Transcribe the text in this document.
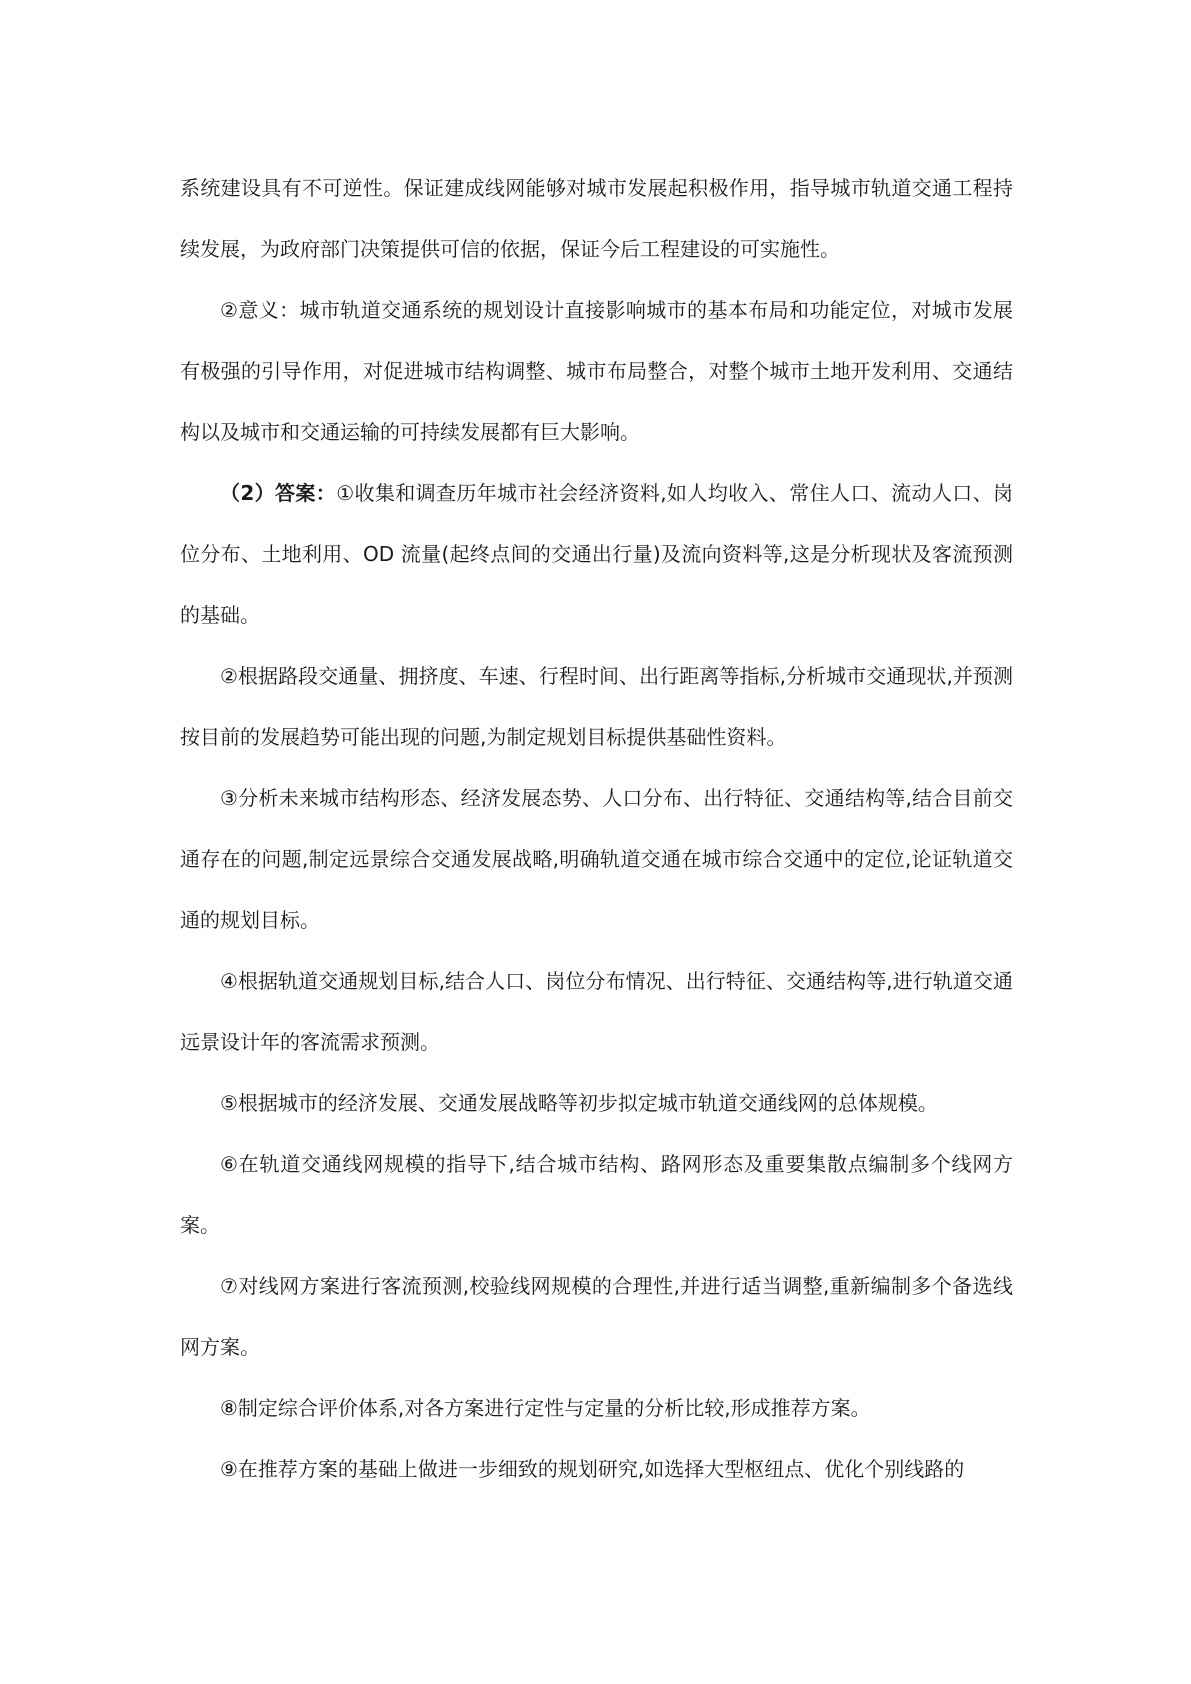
系统建设具有不可逆性。保证建成线网能够对城市发展起积极作用，指导城市轨道交通工程持续发展，为政府部门决策提供可信的依据，保证今后工程建设的可实施性。

②意义：城市轨道交通系统的规划设计直接影响城市的基本布局和功能定位，对城市发展有极强的引导作用，对促进城市结构调整、城市布局整合，对整个城市土地开发利用、交通结构以及城市和交通运输的可持续发展都有巨大影响。

（2）答案：①收集和调查历年城市社会经济资料,如人均收入、常住人口、流动人口、岗位分布、土地利用、OD 流量(起终点间的交通出行量)及流向资料等,这是分析现状及客流预测的基础。

②根据路段交通量、拥挤度、车速、行程时间、出行距离等指标,分析城市交通现状,并预测按目前的发展趋势可能出现的问题,为制定规划目标提供基础性资料。

③分析未来城市结构形态、经济发展态势、人口分布、出行特征、交通结构等,结合目前交通存在的问题,制定远景综合交通发展战略,明确轨道交通在城市综合交通中的定位,论证轨道交通的规划目标。

④根据轨道交通规划目标,结合人口、岗位分布情况、出行特征、交通结构等,进行轨道交通远景设计年的客流需求预测。

⑤根据城市的经济发展、交通发展战略等初步拟定城市轨道交通线网的总体规模。

⑥在轨道交通线网规模的指导下,结合城市结构、路网形态及重要集散点编制多个线网方案。

⑦对线网方案进行客流预测,校验线网规模的合理性,并进行适当调整,重新编制多个备选线网方案。

⑧制定综合评价体系,对各方案进行定性与定量的分析比较,形成推荐方案。

⑨在推荐方案的基础上做进一步细致的规划研究,如选择大型枢纽点、优化个别线路的
